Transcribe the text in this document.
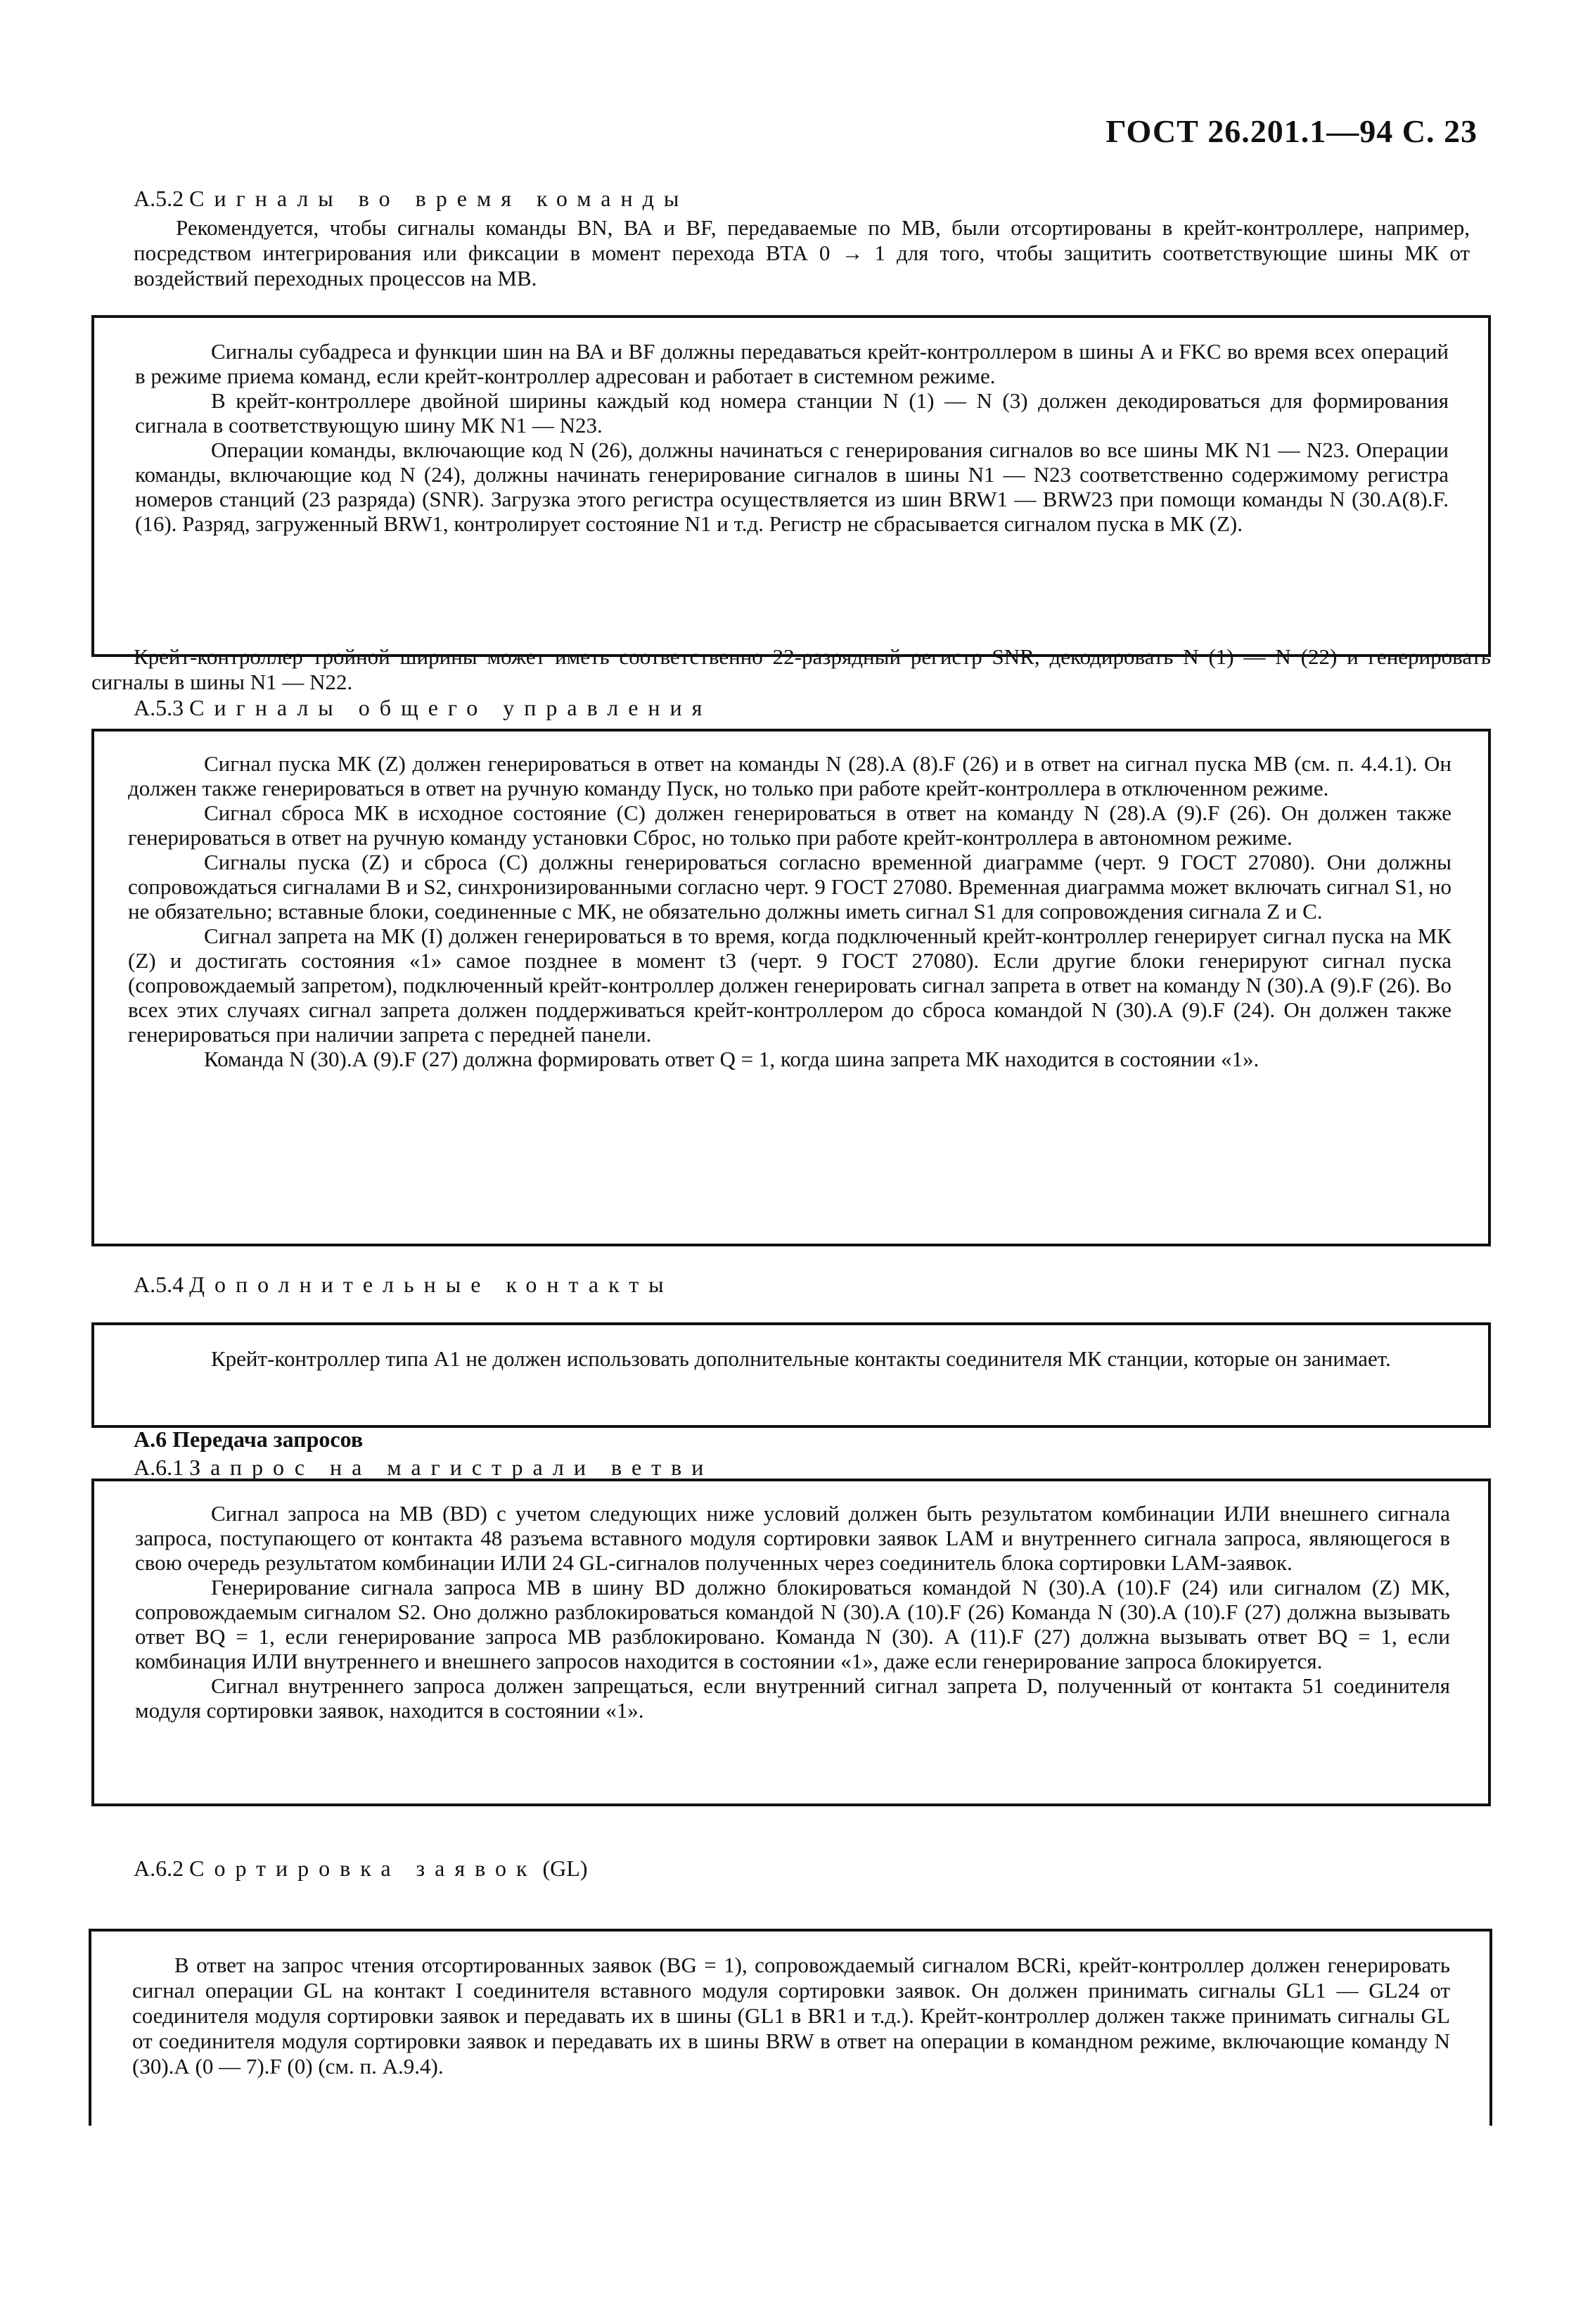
ГОСТ 26.201.1—94 С. 23
А.5.2 Сигналы во время команды

Рекомендуется, чтобы сигналы команды BN, ВА и BF, передаваемые по МВ, были отсортированы в крейт-контроллере, например, посредством интегрирования или фиксации в момент перехода ВТА 0 → 1 для того, чтобы защитить соответствующие шины МК от воздействий переходных процессов на МВ.

Сигналы субадреса и функции шин на ВА и BF должны передаваться крейт-контроллером в шины А и FKC во время всех операций в режиме приема команд, если крейт-контроллер адресован и работает в системном режиме.

В крейт-контроллере двойной ширины каждый код номера станции N (1) — N (3) должен декодироваться для формирования сигнала в соответствующую шину МК N1 — N23.

Операции команды, включающие код N (26), должны начинаться с генерирования сигналов во все шины МК N1 — N23. Операции команды, включающие код N (24), должны начинать генерирование сигналов в шины N1 — N23 соответственно содержимому регистра номеров станций (23 разряда) (SNR). Загрузка этого регистра осуществляется из шин BRW1 — BRW23 при помощи команды N (30.A(8).F.(16). Разряд, загруженный BRW1, контролирует состояние N1 и т.д. Регистр не сбрасывается сигналом пуска в МК (Z).

Крейт-контроллер тройной ширины может иметь соответственно 22-разрядный регистр SNR, декодировать N (1) — N (22) и генерировать сигналы в шины N1 — N22.

А.5.3 Сигналы общего управления

Сигнал пуска МК (Z) должен генерироваться в ответ на команды N (28).А (8).F (26) и в ответ на сигнал пуска МВ (см. п. 4.4.1). Он должен также генерироваться в ответ на ручную команду Пуск, но только при работе крейт-контроллера в отключенном режиме.

Сигнал сброса МК в исходное состояние (С) должен генерироваться в ответ на команду N (28).А (9).F (26). Он должен также генерироваться в ответ на ручную команду установки Сброс, но только при работе крейт-контроллера в автономном режиме.

Сигналы пуска (Z) и сброса (С) должны генерироваться согласно временной диаграмме (черт. 9 ГОСТ 27080). Они должны сопровождаться сигналами В и S2, синхронизированными согласно черт. 9 ГОСТ 27080. Временная диаграмма может включать сигнал S1, но не обязательно; вставные блоки, соединенные с МК, не обязательно должны иметь сигнал S1 для сопровождения сигнала Z и С.

Сигнал запрета на МК (I) должен генерироваться в то время, когда подключенный крейт-контроллер генерирует сигнал пуска на МК (Z) и достигать состояния «1» самое позднее в момент t3 (черт. 9 ГОСТ 27080). Если другие блоки генерируют сигнал пуска (сопровождаемый запретом), подключенный крейт-контроллер должен генерировать сигнал запрета в ответ на команду N (30).А (9).F (26). Во всех этих случаях сигнал запрета должен поддерживаться крейт-контроллером до сброса командой N (30).А (9).F (24). Он должен также генерироваться при наличии запрета с передней панели.

Команда N (30).А (9).F (27) должна формировать ответ Q = 1, когда шина запрета МК находится в состоянии «1».

А.5.4 Дополнительные контакты

Крейт-контроллер типа А1 не должен использовать дополнительные контакты соединителя МК станции, которые он занимает.

А.6 Передача запросов
А.6.1 Запрос на магистрали ветви

Сигнал запроса на МВ (BD) с учетом следующих ниже условий должен быть результатом комбинации ИЛИ внешнего сигнала запроса, поступающего от контакта 48 разъема вставного модуля сортировки заявок LAM и внутреннего сигнала запроса, являющегося в свою очередь результатом комбинации ИЛИ 24 GL-сигналов полученных через соединитель блока сортировки LAM-заявок.

Генерирование сигнала запроса МВ в шину BD должно блокироваться командой N (30).А (10).F (24) или сигналом (Z) МК, сопровождаемым сигналом S2. Оно должно разблокироваться командой N (30).А (10).F (26) Команда N (30).А (10).F (27) должна вызывать ответ BQ = 1, если генерирование запроса МВ разблокировано. Команда N (30). А (11).F (27) должна вызывать ответ BQ = 1, если комбинация ИЛИ внутреннего и внешнего запросов находится в состоянии «1», даже если генерирование запроса блокируется.

Сигнал внутреннего запроса должен запрещаться, если внутренний сигнал запрета D, полученный от контакта 51 соединителя модуля сортировки заявок, находится в состоянии «1».

А.6.2 Сортировка заявок (GL)

В ответ на запрос чтения отсортированных заявок (BG = 1), сопровождаемый сигналом BCRi, крейт-контроллер должен генерировать сигнал операции GL на контакт I соединителя вставного модуля сортировки заявок. Он должен принимать сигналы GL1 — GL24 от соединителя модуля сортировки заявок и передавать их в шины (GL1 в BR1 и т.д.). Крейт-контроллер должен также принимать сигналы GL от соединителя модуля сортировки заявок и передавать их в шины BRW в ответ на операции в командном режиме, включающие команду N (30).А (0 — 7).F (0) (см. п. А.9.4).
